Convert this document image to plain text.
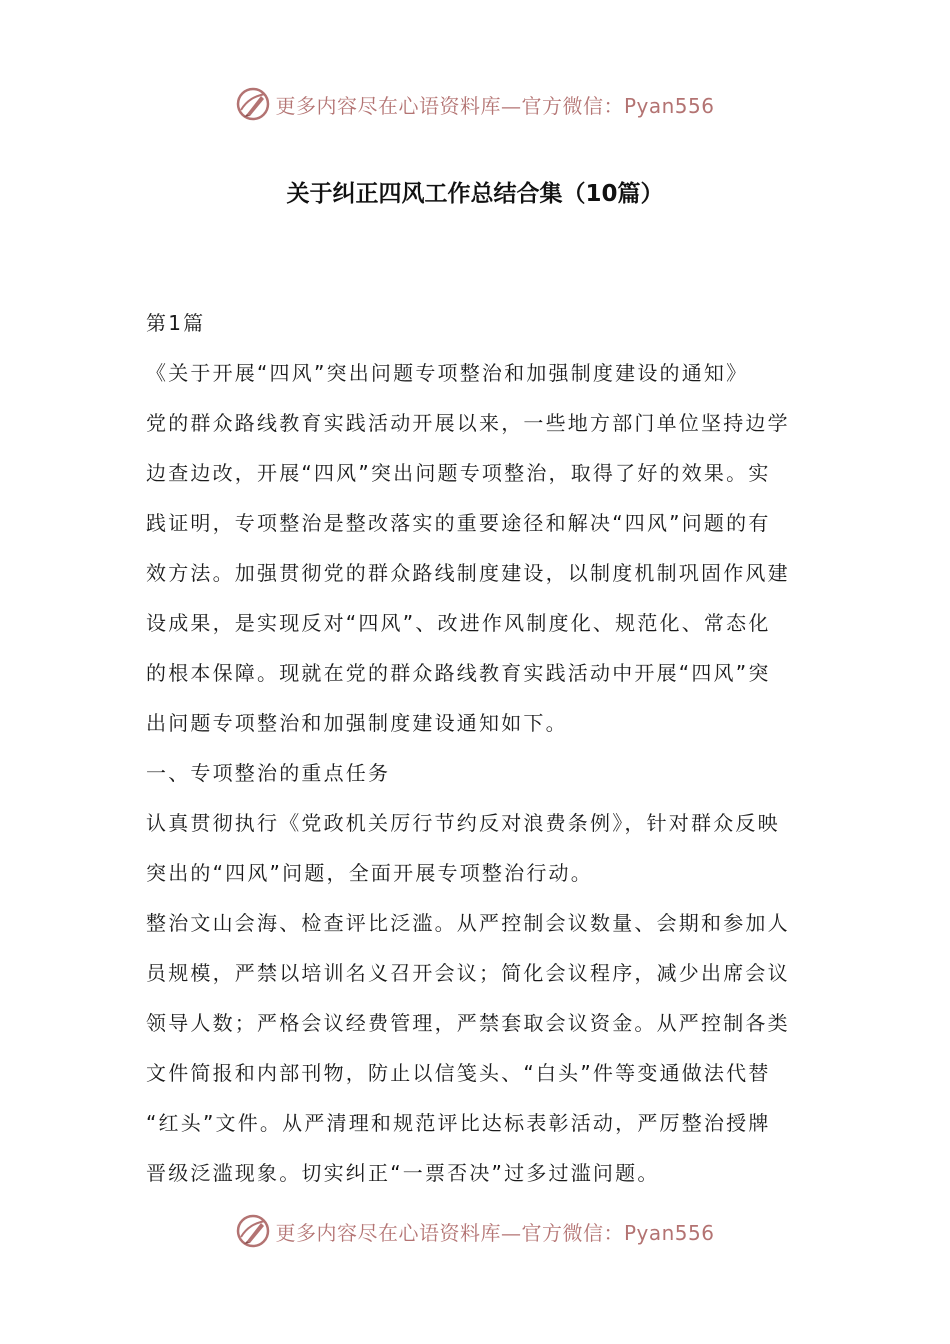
更多内容尽在心语资料库—官方微信：Pyan556
关于纠正四风工作总结合集（10篇）
第1篇
《关于开展“四风”突出问题专项整治和加强制度建设的通知》
党的群众路线教育实践活动开展以来，一些地方部门单位坚持边学
边查边改，开展“四风”突出问题专项整治，取得了好的效果。实
践证明，专项整治是整改落实的重要途径和解决“四风”问题的有
效方法。加强贯彻党的群众路线制度建设，以制度机制巩固作风建
设成果，是实现反对“四风”、改进作风制度化、规范化、常态化
的根本保障。现就在党的群众路线教育实践活动中开展“四风”突
出问题专项整治和加强制度建设通知如下。
一、专项整治的重点任务
认真贯彻执行《党政机关厉行节约反对浪费条例》，针对群众反映
突出的“四风”问题，全面开展专项整治行动。
整治文山会海、检查评比泛滥。从严控制会议数量、会期和参加人
员规模，严禁以培训名义召开会议；简化会议程序，减少出席会议
领导人数；严格会议经费管理，严禁套取会议资金。从严控制各类
文件简报和内部刊物，防止以信笺头、“白头”件等变通做法代替
“红头”文件。从严清理和规范评比达标表彰活动，严厉整治授牌
晋级泛滥现象。切实纠正“一票否决”过多过滥问题。
更多内容尽在心语资料库—官方微信：Pyan556
